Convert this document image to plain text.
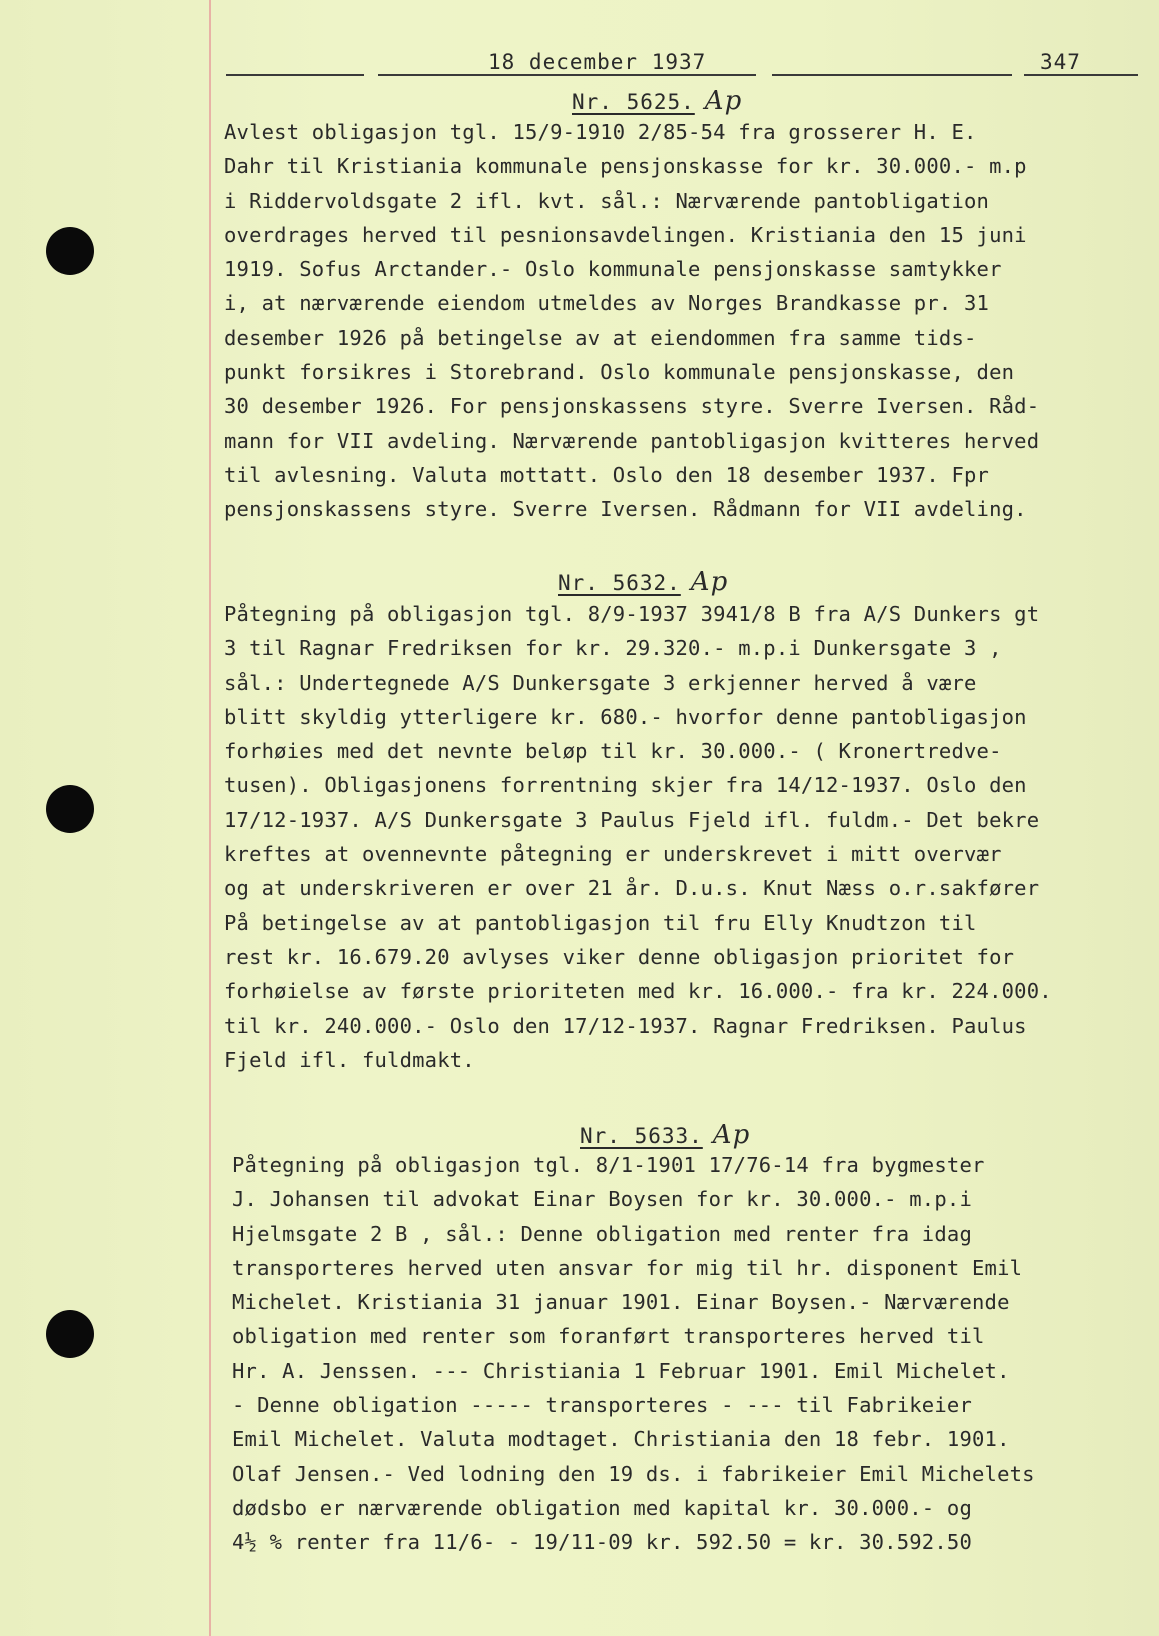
18 december 1937	347
Nr. 5625. Ap
Avlest obligasjon tgl. 15/9-1910 2/85-54 fra grosserer H. E.
Dahr til Kristiania kommunale pensjonskasse for kr. 30.000.- m.p
i Riddervoldsgate 2 ifl. kvt. sål.: Nærværende pantobligation
overdrages herved til pesnionsavdelingen. Kristiania den 15 juni
1919. Sofus Arctander.- Oslo kommunale pensjonskasse samtykker
i, at nærværende eiendom utmeldes av Norges Brandkasse pr. 31
desember 1926 på betingelse av at eiendommen fra samme tids-
punkt forsikres i Storebrand. Oslo kommunale pensjonskasse, den
30 desember 1926. For pensjonskassens styre. Sverre Iversen. Råd-
mann for VII avdeling. Nærværende pantobligasjon kvitteres herved
til avlesning. Valuta mottatt. Oslo den 18 desember 1937. Fpr
pensjonskassens styre. Sverre Iversen. Rådmann for VII avdeling.
Nr. 5632. Ap
Påtegning på obligasjon tgl. 8/9-1937 3941/8 B fra A/S Dunkers gt
3 til Ragnar Fredriksen for kr. 29.320.- m.p.i Dunkersgate 3 ,
sål.: Undertegnede A/S Dunkersgate 3 erkjenner herved å være
blitt skyldig ytterligere kr. 680.- hvorfor denne pantobligasjon
forhøies med det nevnte beløp til kr. 30.000.- ( Kronertredve-
tusen). Obligasjonens forrentning skjer fra 14/12-1937. Oslo den
17/12-1937. A/S Dunkersgate 3 Paulus Fjeld ifl. fuldm.- Det bekre
kreftes at ovennevnte påtegning er underskrevet i mitt overvær
og at underskriveren er over 21 år. D.u.s. Knut Næss o.r.sakfører
På betingelse av at pantobligasjon til fru Elly Knudtzon til
rest kr. 16.679.20 avlyses viker denne obligasjon prioritet for
forhøielse av første prioriteten med kr. 16.000.- fra kr. 224.000.
til kr. 240.000.- Oslo den 17/12-1937. Ragnar Fredriksen. Paulus
Fjeld ifl. fuldmakt.
Nr. 5633. Ap
Påtegning på obligasjon tgl. 8/1-1901 17/76-14 fra bygmester
J. Johansen til advokat Einar Boysen for kr. 30.000.- m.p.i
Hjelmsgate 2 B , sål.: Denne obligation med renter fra idag
transporteres herved uten ansvar for mig til hr. disponent Emil
Michelet. Kristiania 31 januar 1901. Einar Boysen.- Nærværende
obligation med renter som foranført transporteres herved til
Hr. A. Jenssen. --- Christiania 1 Februar 1901. Emil Michelet.
- Denne obligation ----- transporteres - --- til Fabrikeier
Emil Michelet. Valuta modtaget. Christiania den 18 febr. 1901.
Olaf Jensen.- Ved lodning den 19 ds. i fabrikeier Emil Michelets
dødsbo er nærværende obligation med kapital kr. 30.000.- og
4½ % renter fra 11/6- - 19/11-09 kr. 592.50 = kr. 30.592.50
